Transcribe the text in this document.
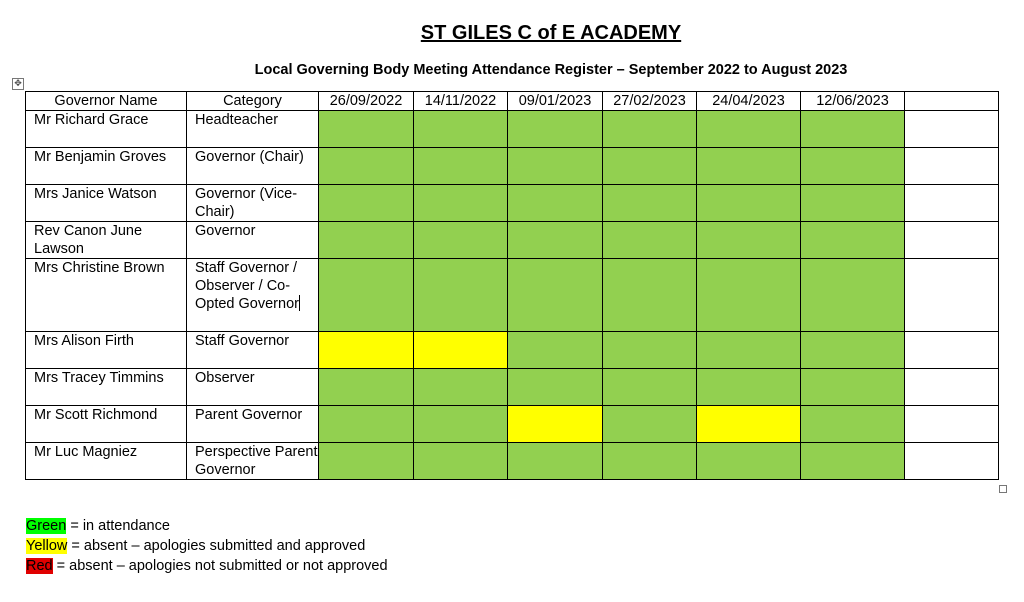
ST GILES C of E ACADEMY
Local Governing Body Meeting Attendance Register – September 2022 to August 2023
✥
Governor Name	Category	26/09/2022	14/11/2022	09/01/2023	27/02/2023	24/04/2023	12/06/2023	
Mr Richard Grace	Headteacher							
Mr Benjamin Groves	Governor (Chair)							
Mrs Janice Watson	Governor (Vice-Chair)							
Rev Canon June Lawson	Governor							
Mrs Christine Brown	Staff Governor / Observer / Co-Opted Governor							
Mrs Alison Firth	Staff Governor							
Mrs Tracey Timmins	Observer							
Mr Scott Richmond	Parent Governor							
Mr Luc Magniez	Perspective Parent Governor							
Green = in attendance
Yellow = absent – apologies submitted and approved
Red = absent – apologies not submitted or not approved
